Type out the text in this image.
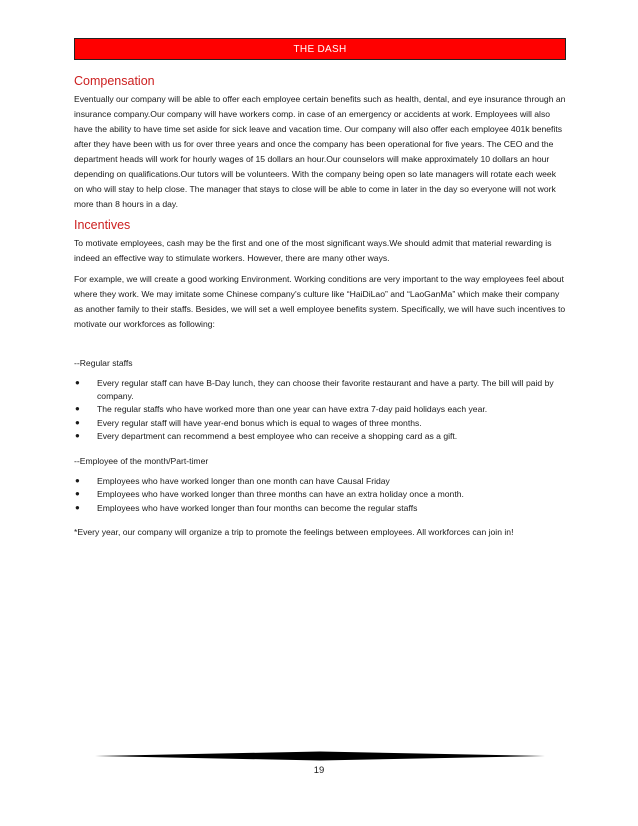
THE DASH
Compensation

Eventually our company will be able to offer each employee certain benefits such as health, dental, and eye insurance through an insurance company.Our company will have workers comp. in case of an emergency or accidents at work. Employees will also have the ability to have time set aside for sick leave and vacation time. Our company will also offer each employee 401k benefits after they have been with us for over three years and once the company has been operational for five years. The CEO and the department heads will work for hourly wages of 15 dollars an hour.Our counselors will make approximately 10 dollars an hour depending on qualifications.Our tutors will be volunteers. With the company being open so late managers will rotate each week on who will stay to help close. The manager that stays to close will be able to come in later in the day so everyone will not work more than 8 hours in a day.

Incentives

To motivate employees, cash may be the first and one of the most significant ways.We should admit that material rewarding is indeed an effective way to stimulate workers. However, there are many other ways.

For example, we will create a good working Environment. Working conditions are very important to the way employees feel about where they work. We may imitate some Chinese company's culture like “HaiDiLao” and “LaoGanMa” which make their company as another family to their staffs. Besides, we will set a well employee benefits system. Specifically, we will have such incentives to motivate our workforces as following:

--Regular staffs

●	Every regular staff can have B-Day lunch, they can choose their favorite restaurant and have a party. The bill will paid by company.
●	The regular staffs who have worked more than one year can have extra 7-day paid holidays each year.
●	Every regular staff will have year-end bonus which is equal to wages of three months.
●	Every department can recommend a best employee who can receive a shopping card as a gift.

--Employee of the month/Part-timer

●	Employees who have worked longer than one month can have Causal Friday
●	Employees who have worked longer than three months can have an extra holiday once a month.
●	Employees who have worked longer than four months can become the regular staffs

*Every year, our company will organize a trip to promote the feelings between employees. All workforces can join in!

19
